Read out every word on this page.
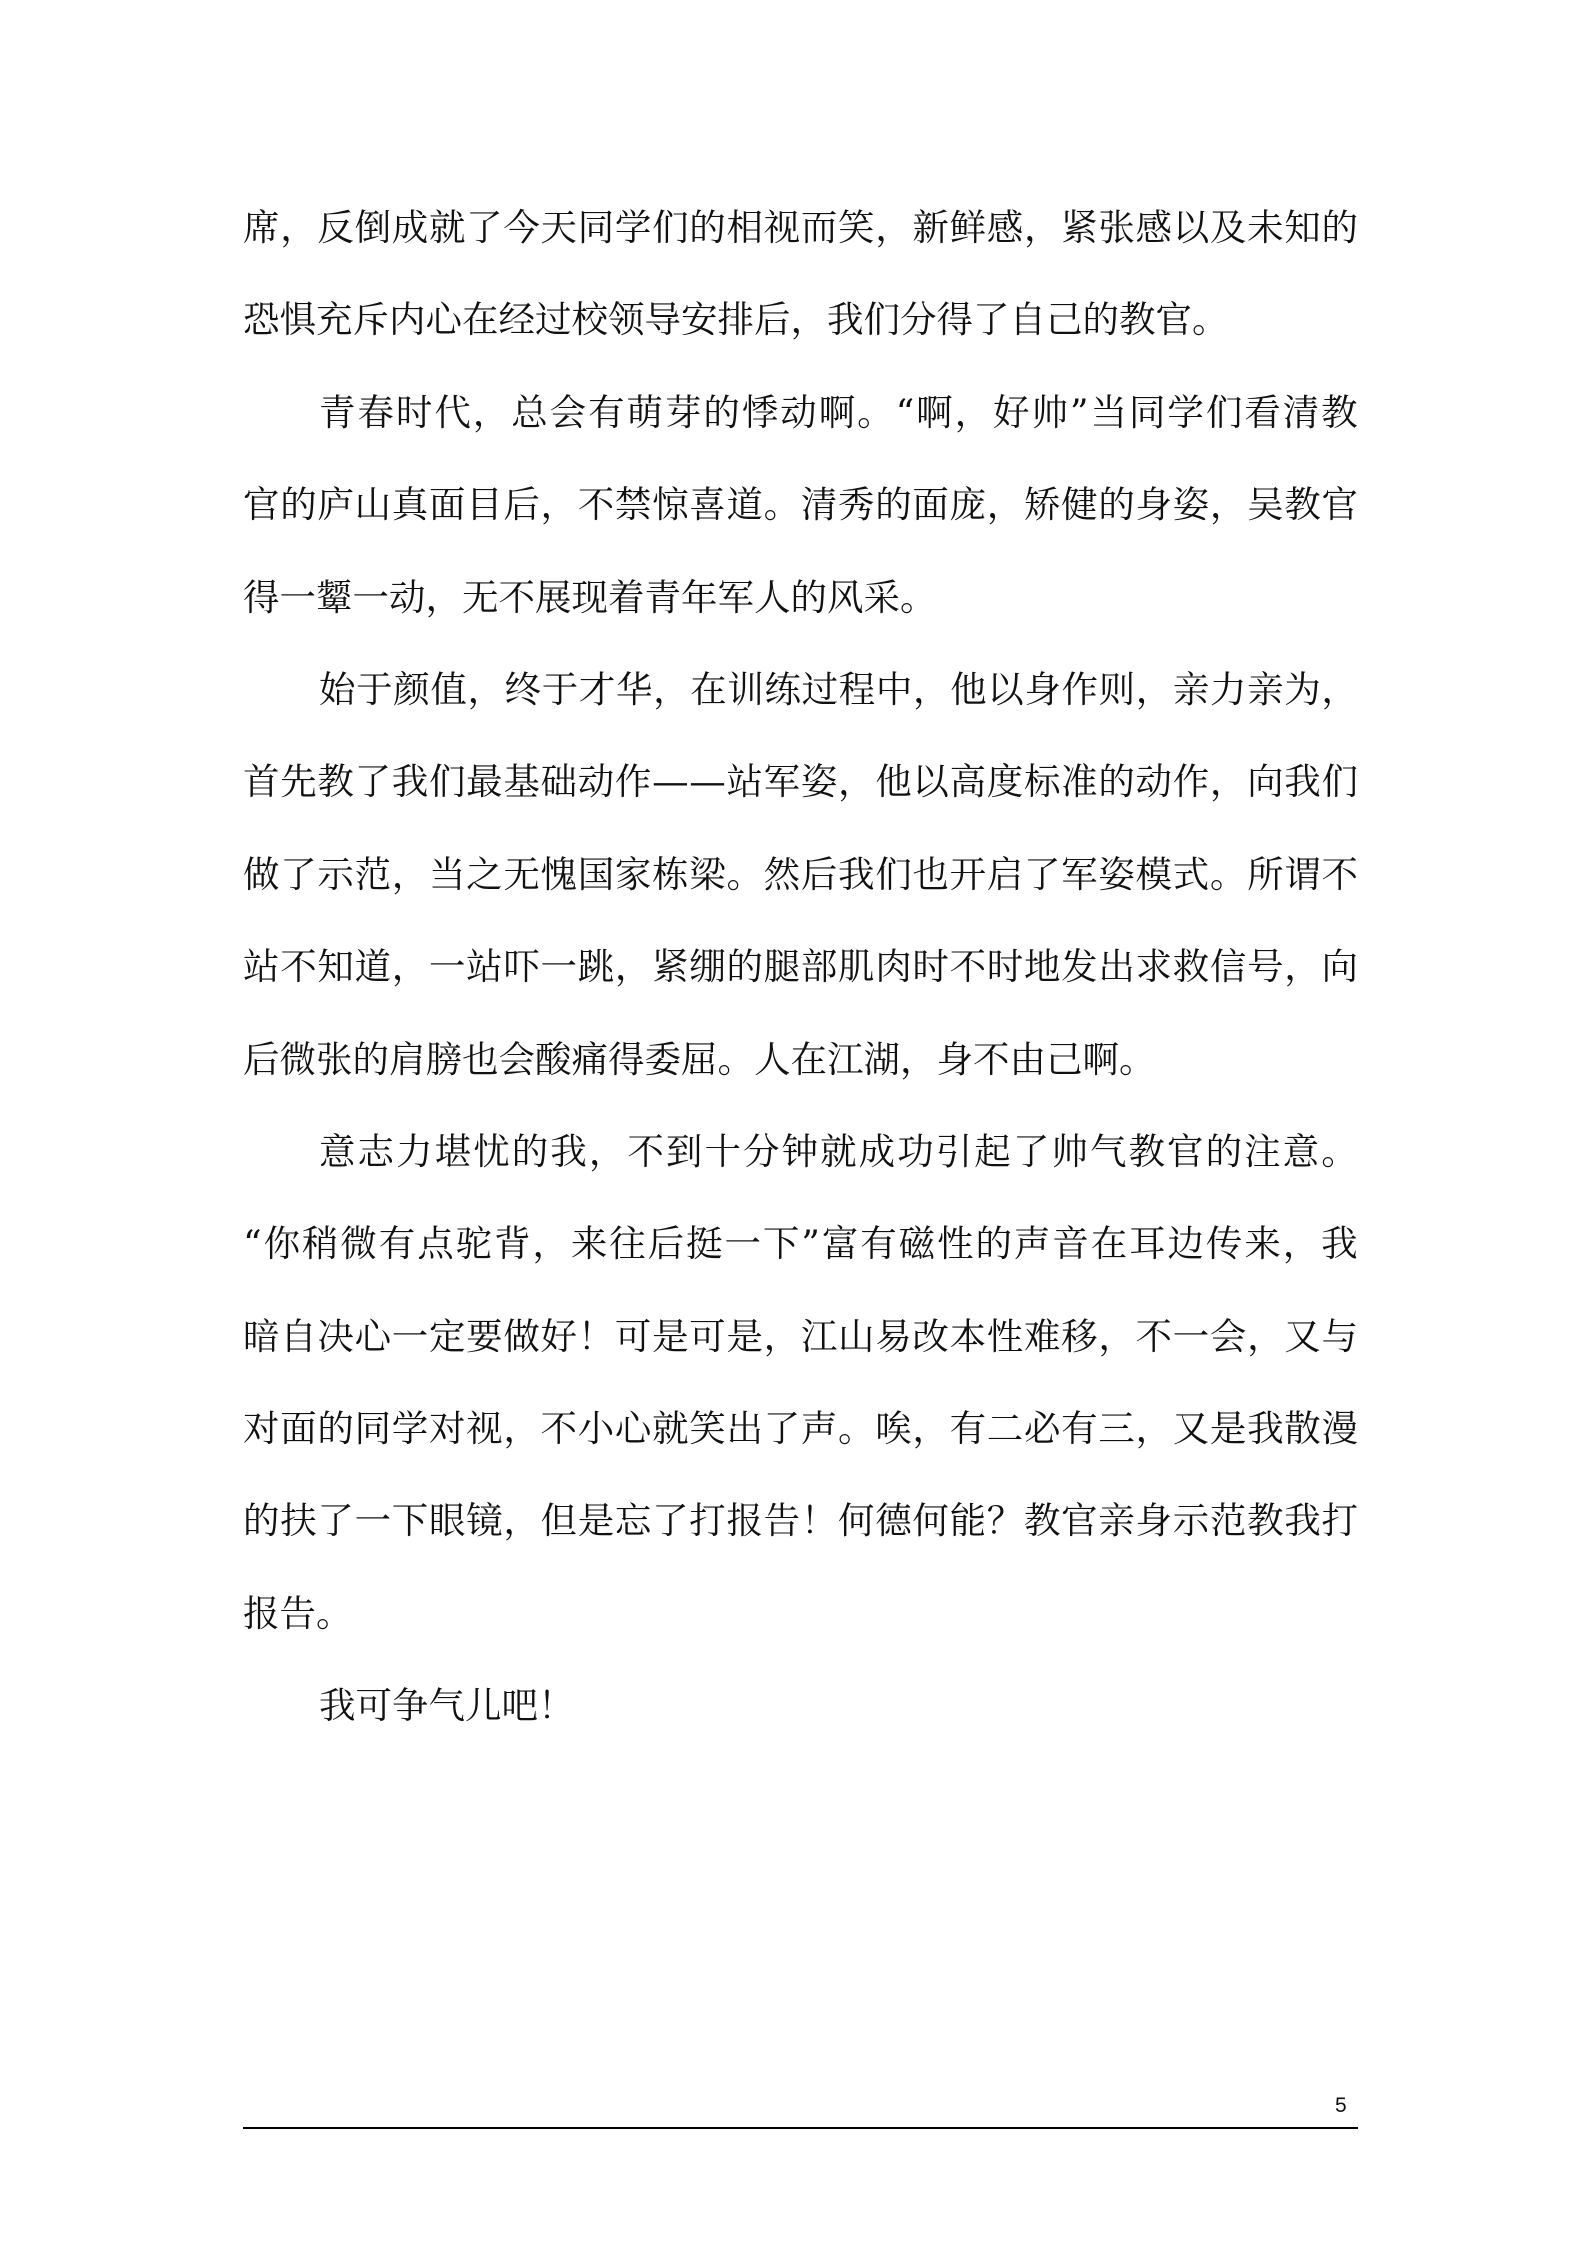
席 ， 反 倒 成 就 了 今 天 同 学 们 的 相 视 而 笑 ， 新 鲜 感 ， 紧 张 感 以 及 未 知 的
恐惧充斥内心在经过校领导安排后，我们分得了自己的教官。
青 春 时 代 ， 总 会 有 萌 芽 的 悸 动 啊 。 “ 啊 ， 好 帅 ” 当 同 学 们 看 清 教
官 的 庐 山 真 面 目 后 ， 不 禁 惊 喜 道 。 清 秀 的 面 庞 ， 矫 健 的 身 姿 ， 吴 教 官
得一颦一动，无不展现着青年军人的风采。
始 于 颜 值 ， 终 于 才 华 ， 在 训 练 过 程 中 ， 他 以 身 作 则 ， 亲 力 亲 为 ，
首 先 教 了 我 们 最 基 础 动 作 — — 站 军 姿 ， 他 以 高 度 标 准 的 动 作 ， 向 我 们
做 了 示 范 ， 当 之 无 愧 国 家 栋 梁 。 然 后 我 们 也 开 启 了 军 姿 模 式 。 所 谓 不
站 不 知 道 ， 一 站 吓 一 跳 ， 紧 绷 的 腿 部 肌 肉 时 不 时 地 发 出 求 救 信 号 ， 向
后微张的肩膀也会酸痛得委屈。人在江湖，身不由己啊。
意 志 力 堪 忧 的 我 ， 不 到 十 分 钟 就 成 功 引 起 了 帅 气 教 官 的 注 意 。
“ 你 稍 微 有 点 驼 背 ， 来 往 后 挺 一 下 ” 富 有 磁 性 的 声 音 在 耳 边 传 来 ， 我
暗 自 决 心 一 定 要 做 好 ！ 可 是 可 是 ， 江 山 易 改 本 性 难 移 ， 不 一 会 ， 又 与
对 面 的 同 学 对 视 ， 不 小 心 就 笑 出 了 声 。 唉 ， 有 二 必 有 三 ， 又 是 我 散 漫
的 扶 了 一 下 眼 镜 ， 但 是 忘 了 打 报 告 ！ 何 德 何 能 ？ 教 官 亲 身 示 范 教 我 打
报告。
我可争气儿吧！
5
